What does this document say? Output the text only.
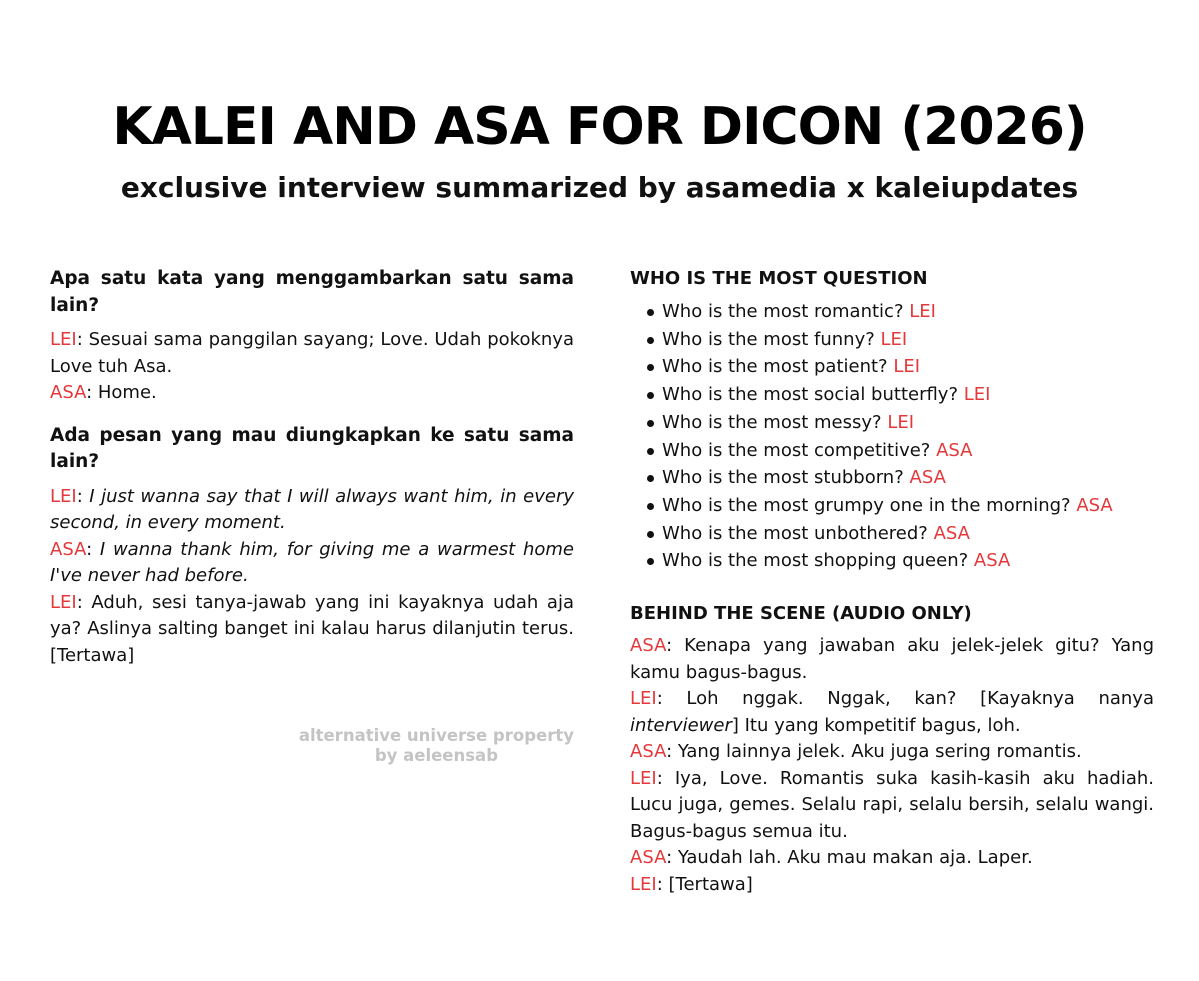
KALEI AND ASA FOR DICON (2026)
exclusive interview summarized by asamedia x kaleiupdates

Apa satu kata yang menggambarkan satu sama lain?

LEI: Sesuai sama panggilan sayang; Love. Udah pokoknya Love tuh Asa.

ASA: Home.

Ada pesan yang mau diungkapkan ke satu sama lain?

LEI: I just wanna say that I will always want him, in every second, in every moment.

ASA: I wanna thank him, for giving me a warmest home I've never had before.

LEI: Aduh, sesi tanya-jawab yang ini kayaknya udah aja ya? Aslinya salting banget ini kalau harus dilanjutin terus. [Tertawa]

alternative universe property

by aeleensab

WHO IS THE MOST QUESTION

Who is the most romantic? LEI
Who is the most funny? LEI
Who is the most patient? LEI
Who is the most social butterfly? LEI
Who is the most messy? LEI
Who is the most competitive? ASA
Who is the most stubborn? ASA
Who is the most grumpy one in the morning? ASA
Who is the most unbothered? ASA
Who is the most shopping queen? ASA

BEHIND THE SCENE (AUDIO ONLY)

ASA: Kenapa yang jawaban aku jelek-jelek gitu? Yang kamu bagus-bagus.

LEI: Loh nggak. Nggak, kan? [Kayaknya nanya interviewer] Itu yang kompetitif bagus, loh.

ASA: Yang lainnya jelek. Aku juga sering romantis.

LEI: Iya, Love. Romantis suka kasih-kasih aku hadiah. Lucu juga, gemes. Selalu rapi, selalu bersih, selalu wangi. Bagus-bagus semua itu.

ASA: Yaudah lah. Aku mau makan aja. Laper.

LEI: [Tertawa]
